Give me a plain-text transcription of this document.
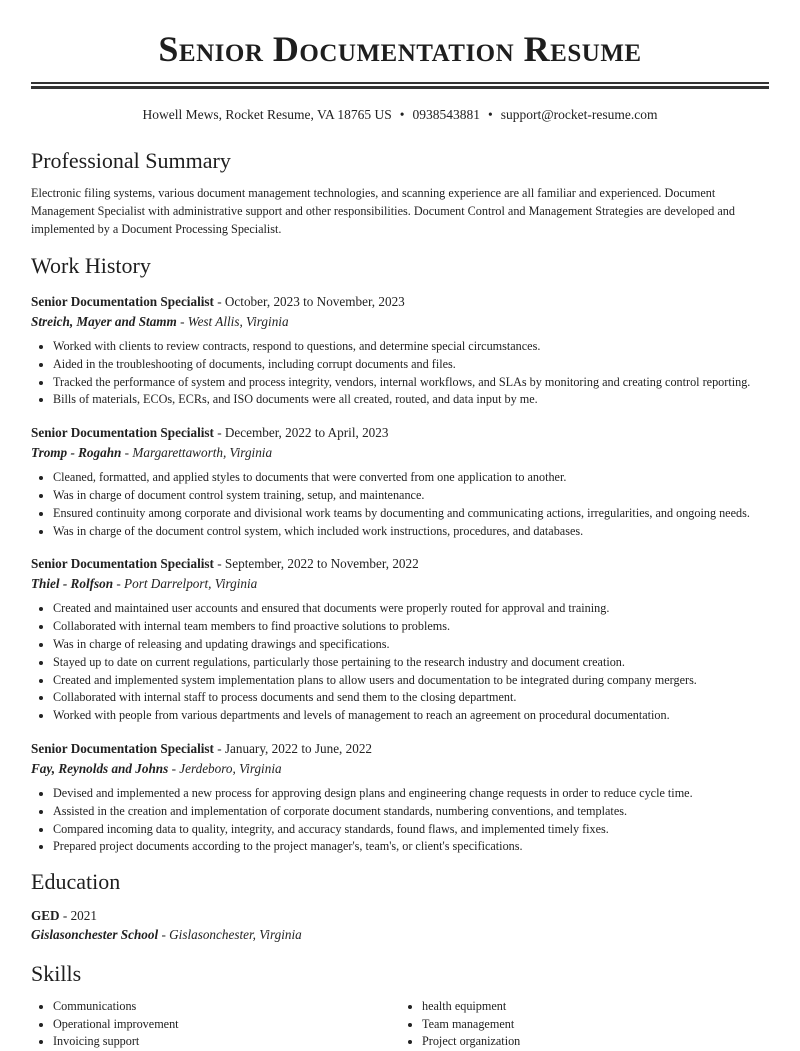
Senior Documentation Resume
Howell Mews, Rocket Resume, VA 18765 US • 0938543881 • support@rocket-resume.com
Professional Summary
Electronic filing systems, various document management technologies, and scanning experience are all familiar and experienced. Document Management Specialist with administrative support and other responsibilities. Document Control and Management Strategies are developed and implemented by a Document Processing Specialist.
Work History
Senior Documentation Specialist - October, 2023 to November, 2023
Streich, Mayer and Stamm - West Allis, Virginia
• Worked with clients to review contracts, respond to questions, and determine special circumstances.
• Aided in the troubleshooting of documents, including corrupt documents and files.
• Tracked the performance of system and process integrity, vendors, internal workflows, and SLAs by monitoring and creating control reporting.
• Bills of materials, ECOs, ECRs, and ISO documents were all created, routed, and data input by me.
Senior Documentation Specialist - December, 2022 to April, 2023
Tromp - Rogahn - Margarettaworth, Virginia
• Cleaned, formatted, and applied styles to documents that were converted from one application to another.
• Was in charge of document control system training, setup, and maintenance.
• Ensured continuity among corporate and divisional work teams by documenting and communicating actions, irregularities, and ongoing needs.
• Was in charge of the document control system, which included work instructions, procedures, and databases.
Senior Documentation Specialist - September, 2022 to November, 2022
Thiel - Rolfson - Port Darrelport, Virginia
• Created and maintained user accounts and ensured that documents were properly routed for approval and training.
• Collaborated with internal team members to find proactive solutions to problems.
• Was in charge of releasing and updating drawings and specifications.
• Stayed up to date on current regulations, particularly those pertaining to the research industry and document creation.
• Created and implemented system implementation plans to allow users and documentation to be integrated during company mergers.
• Collaborated with internal staff to process documents and send them to the closing department.
• Worked with people from various departments and levels of management to reach an agreement on procedural documentation.
Senior Documentation Specialist - January, 2022 to June, 2022
Fay, Reynolds and Johns - Jerdeboro, Virginia
• Devised and implemented a new process for approving design plans and engineering change requests in order to reduce cycle time.
• Assisted in the creation and implementation of corporate document standards, numbering conventions, and templates.
• Compared incoming data to quality, integrity, and accuracy standards, found flaws, and implemented timely fixes.
• Prepared project documents according to the project manager's, team's, or client's specifications.
Education
GED - 2021
Gislasonchester School - Gislasonchester, Virginia
Skills
• Communications
• Operational improvement
• Invoicing support
• health equipment
• Team management
• Project organization
